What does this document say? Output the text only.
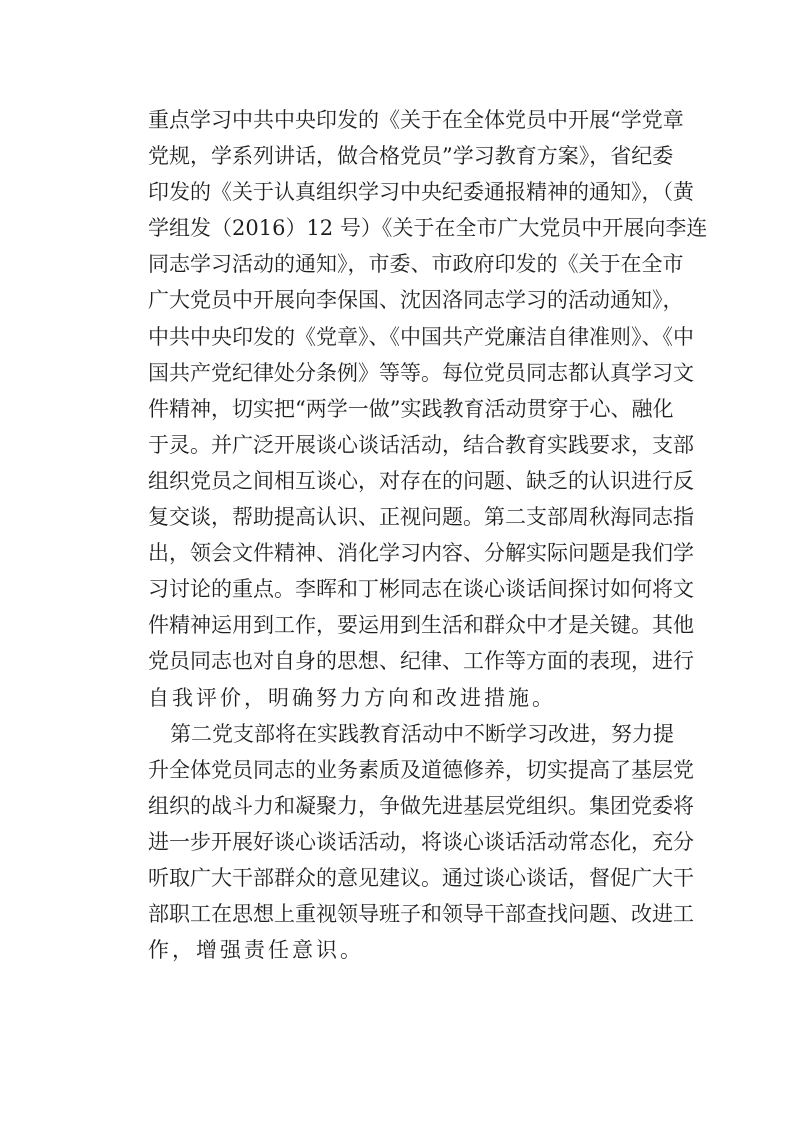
重点学习中共中央印发的《关于在全体党员中开展“学党章
党规，学系列讲话，做合格党员”学习教育方案》，省纪委
印发的《关于认真组织学习中央纪委通报精神的通知》，（黄
学组发（2016）12 号）《关于在全市广大党员中开展向李连
同志学习活动的通知》，市委、市政府印发的《关于在全市
广大党员中开展向李保国、沈因洛同志学习的活动通知》，
中共中央印发的《党章》、《中国共产党廉洁自律准则》、《中
国共产党纪律处分条例》等等。每位党员同志都认真学习文
件精神，切实把“两学一做”实践教育活动贯穿于心、融化
于灵。并广泛开展谈心谈话活动，结合教育实践要求，支部
组织党员之间相互谈心，对存在的问题、缺乏的认识进行反
复交谈，帮助提高认识、正视问题。第二支部周秋海同志指
出，领会文件精神、消化学习内容、分解实际问题是我们学
习讨论的重点。李晖和丁彬同志在谈心谈话间探讨如何将文
件精神运用到工作，要运用到生活和群众中才是关键。其他
党员同志也对自身的思想、纪律、工作等方面的表现，进行
自我评价，明确努力方向和改进措施。
第二党支部将在实践教育活动中不断学习改进，努力提
升全体党员同志的业务素质及道德修养，切实提高了基层党
组织的战斗力和凝聚力，争做先进基层党组织。集团党委将
进一步开展好谈心谈话活动，将谈心谈话活动常态化，充分
听取广大干部群众的意见建议。通过谈心谈话，督促广大干
部职工在思想上重视领导班子和领导干部查找问题、改进工
作，增强责任意识。
